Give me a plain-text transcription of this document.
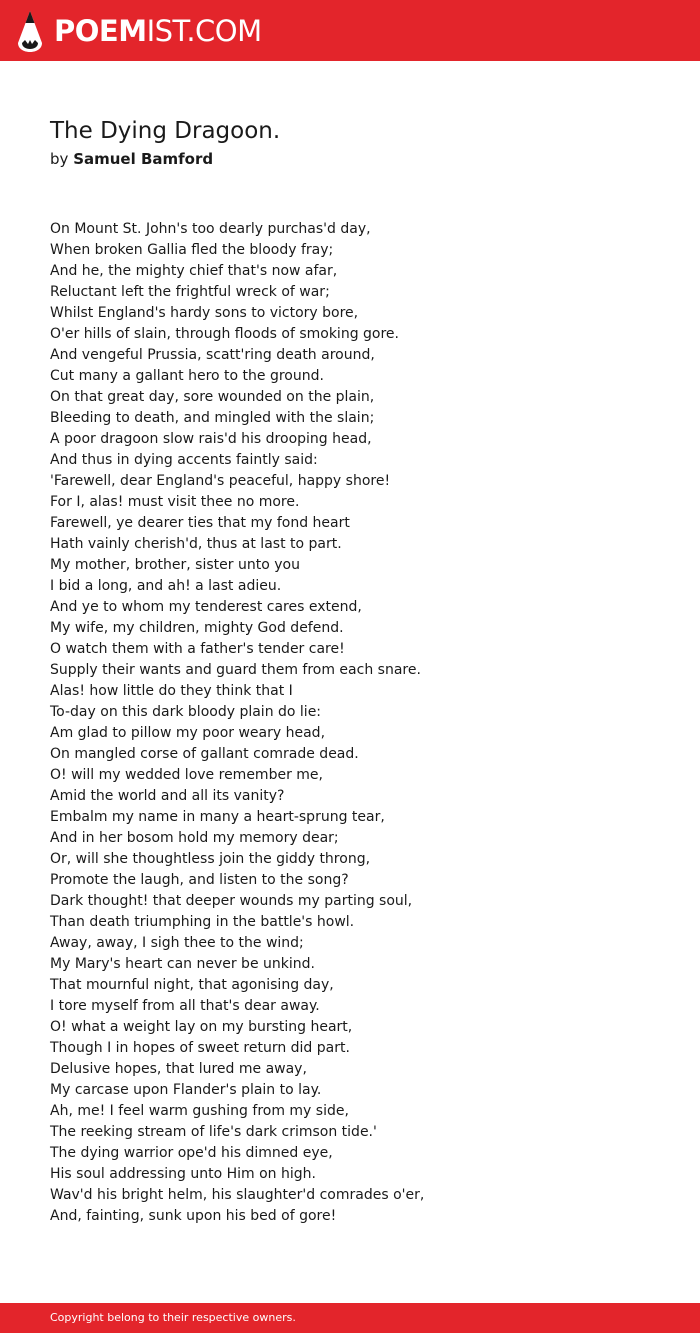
POEMIST.COM
The Dying Dragoon.
by Samuel Bamford
On Mount St. John's too dearly purchas'd day,
When broken Gallia fled the bloody fray;
And he, the mighty chief that's now afar,
Reluctant left the frightful wreck of war;
Whilst England's hardy sons to victory bore,
O'er hills of slain, through floods of smoking gore.
And vengeful Prussia, scatt'ring death around,
Cut many a gallant hero to the ground.
On that great day, sore wounded on the plain,
Bleeding to death, and mingled with the slain;
A poor dragoon slow rais'd his drooping head,
And thus in dying accents faintly said:
'Farewell, dear England's peaceful, happy shore!
For I, alas! must visit thee no more.
Farewell, ye dearer ties that my fond heart
Hath vainly cherish'd, thus at last to part.
My mother, brother, sister unto you
I bid a long, and ah! a last adieu.
And ye to whom my tenderest cares extend,
My wife, my children, mighty God defend.
O watch them with a father's tender care!
Supply their wants and guard them from each snare.
Alas! how little do they think that I
To-day on this dark bloody plain do lie:
Am glad to pillow my poor weary head,
On mangled corse of gallant comrade dead.
O! will my wedded love remember me,
Amid the world and all its vanity?
Embalm my name in many a heart-sprung tear,
And in her bosom hold my memory dear;
Or, will she thoughtless join the giddy throng,
Promote the laugh, and listen to the song?
Dark thought! that deeper wounds my parting soul,
Than death triumphing in the battle's howl.
Away, away, I sigh thee to the wind;
My Mary's heart can never be unkind.
That mournful night, that agonising day,
I tore myself from all that's dear away.
O! what a weight lay on my bursting heart,
Though I in hopes of sweet return did part.
Delusive hopes, that lured me away,
My carcase upon Flander's plain to lay.
Ah, me! I feel warm gushing from my side,
The reeking stream of life's dark crimson tide.'
The dying warrior ope'd his dimned eye,
His soul addressing unto Him on high.
Wav'd his bright helm, his slaughter'd comrades o'er,
And, fainting, sunk upon his bed of gore!
Copyright belong to their respective owners.
